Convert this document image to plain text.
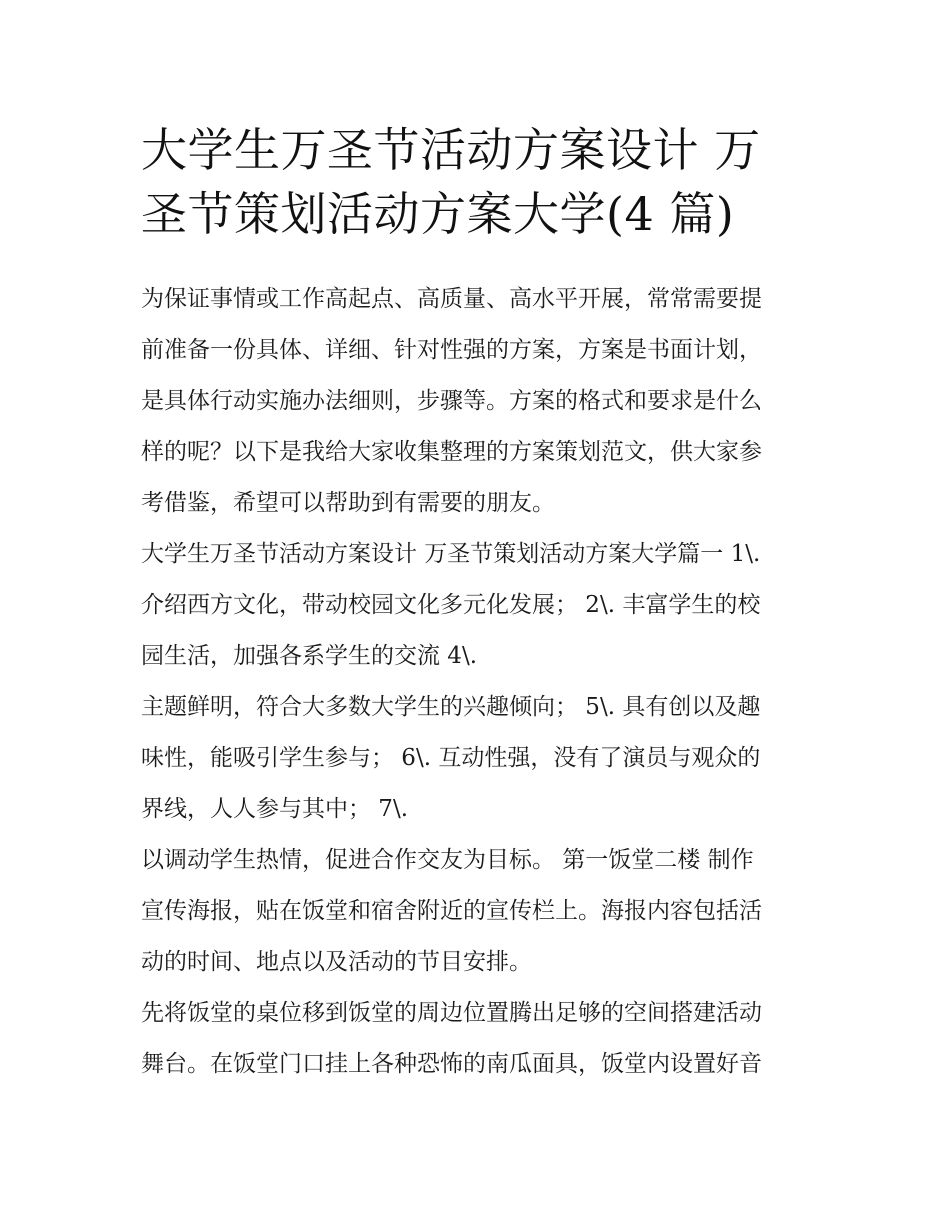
大学生万圣节活动方案设计 万
圣节策划活动方案大学(4 篇)

为保证事情或工作高起点、高质量、高水平开展，常常需要提
前准备一份具体、详细、针对性强的方案，方案是书面计划，
是具体行动实施办法细则，步骤等。方案的格式和要求是什么
样的呢？以下是我给大家收集整理的方案策划范文，供大家参
考借鉴，希望可以帮助到有需要的朋友。

大学生万圣节活动方案设计 万圣节策划活动方案大学篇一 1\.
介绍西方文化，带动校园文化多元化发展； 2\. 丰富学生的校
园生活，加强各系学生的交流 4\.

主题鲜明，符合大多数大学生的兴趣倾向； 5\. 具有创以及趣
味性，能吸引学生参与； 6\. 互动性强，没有了演员与观众的
界线，人人参与其中； 7\.

以调动学生热情，促进合作交友为目标。 第一饭堂二楼 制作
宣传海报，贴在饭堂和宿舍附近的宣传栏上。海报内容包括活
动的时间、地点以及活动的节目安排。

先将饭堂的桌位移到饭堂的周边位置腾出足够的空间搭建活动
舞台。在饭堂门口挂上各种恐怖的南瓜面具，饭堂内设置好音
